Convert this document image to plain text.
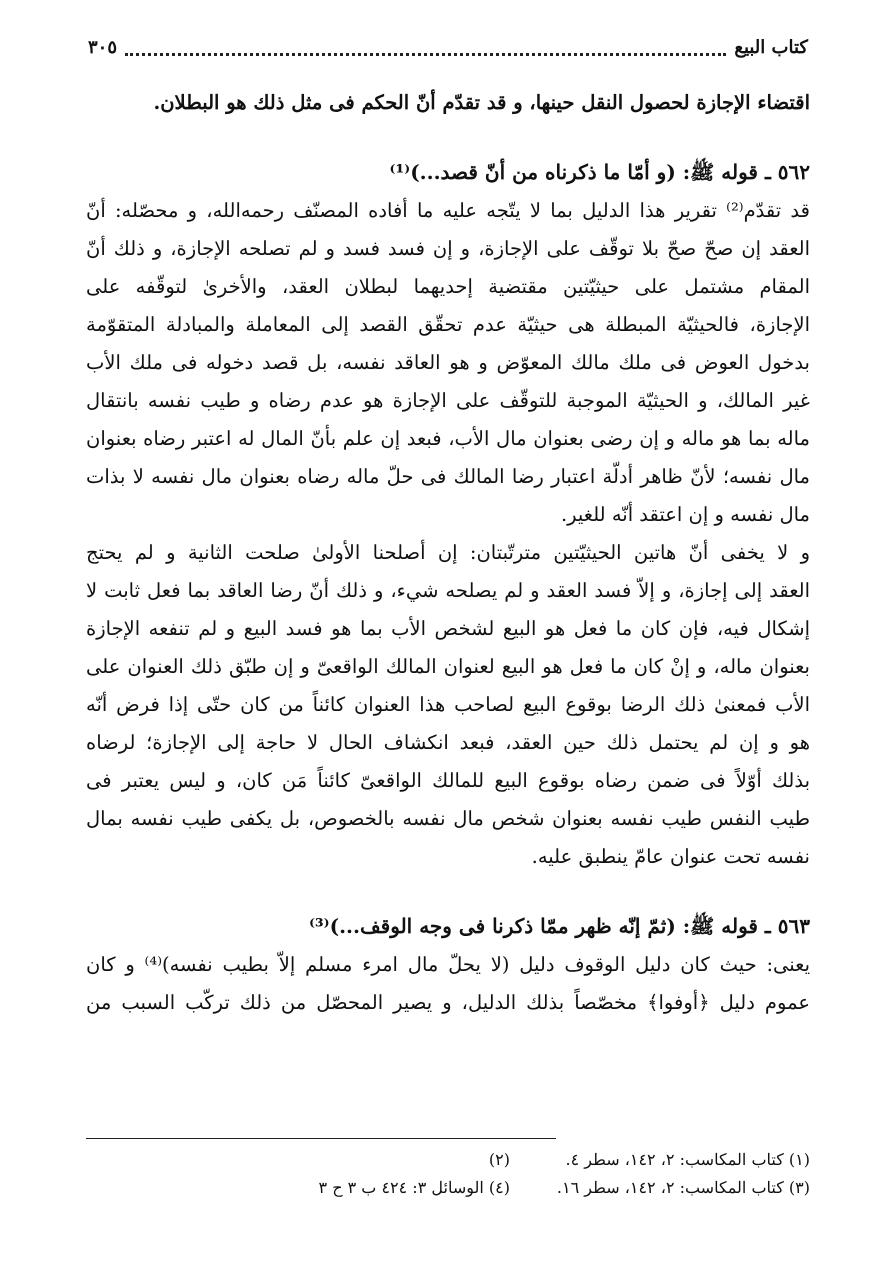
كتاب البيع
٣٠٥
اقتضاء الإجازة لحصول النقل حينها، و قد تقدّم أنّ الحكم فى مثل ذلك هو البطلان.
٥٦٢ ـ قوله ﷺ: (و أمّا ما ذكرناه من أنّ قصد...)⁽¹⁾
قد تقدّم⁽²⁾ تقرير هذا الدليل بما لا يتّجه عليه ما أفاده المصنّف رحمه‌الله، و محصّله: أنّ
العقد إن صحّ صحّ بلا توقّف على الإجازة، و إن فسد فسد و لم تصلحه الإجازة، و ذلك أنّ
المقام مشتمل على حيثيّتين مقتضية إحديهما لبطلان العقد، والأخرىٰ لتوقّفه على
الإجازة، فالحيثيّة المبطلة هى حيثيّة عدم تحقّق القصد إلى المعاملة والمبادلة المتقوّمة
بدخول العوض فى ملك مالك المعوّض و هو العاقد نفسه، بل قصد دخوله فى ملك الأب
غير المالك، و الحيثيّة الموجبة للتوقّف على الإجازة هو عدم رضاه و طيب نفسه بانتقال
ماله بما هو ماله و إن رضى بعنوان مال الأب، فبعد إن علم بأنّ المال له اعتبر رضاه بعنوان
مال نفسه؛ لأنّ ظاهر أدلّة اعتبار رضا المالك فى حلّ ماله رضاه بعنوان مال نفسه لا بذات
مال نفسه و إن اعتقد أنّه للغير.
و لا يخفى أنّ هاتين الحيثيّتين مترتّبتان: إن أصلحنا الأولىٰ صلحت الثانية و لم يحتج
العقد إلى إجازة، و إلاّ فسد العقد و لم يصلحه شيء، و ذلك أنّ رضا العاقد بما فعل ثابت لا
إشكال فيه، فإن كان ما فعل هو البيع لشخص الأب بما هو فسد البيع و لم تنفعه الإجازة
بعنوان ماله، و إنْ كان ما فعل ه‍و البيع لعنوان المالك الواقعىّ و إن طبّق ذلك العنوان على
الأب فمعنىٰ ذلك الرضا بوقوع البيع لصاحب هذا العنوان كائناً من كان حتّى إذا فرض أنّه
هو و إن لم يحتمل ذلك حين العقد، فبعد انكشاف الحال لا حاجة إلى الإجازة؛ لرضاه
بذلك أوّلاً فى ضمن رضاه بوقوع البيع للمالك الواقعىّ كائناً مَن كان، و ليس يعتبر فى
طيب النفس طيب نفسه بعنوان شخص مال نفسه بالخصوص، بل يكفى طيب نفسه بمال
نفسه تحت عنوان عامّ ينطبق عليه.
٥٦٣ ـ قوله ﷺ: (ثمّ إنّه ظهر ممّا ذكرنا فى وجه الوقف...)⁽³⁾
يعنى: حيث كان دليل الوقوف دليل (لا يحلّ مال امرء مسلم إلاّ بطيب نفسه)⁽⁴⁾ و كان
عموم دليل ﴿أوفوا﴾ مخصّصاً بذلك الدليل، و يصير المحصّل من ذلك تركّب السبب من
(١) كتاب المكاسب: ٢، ١٤٢، سطر ٤.
(٢)
(٣) كتاب المكاسب: ٢، ١٤٢، سطر ١٦.
(٤) الوسائل ٣: ٤٢٤ ب ٣ ح ٣
